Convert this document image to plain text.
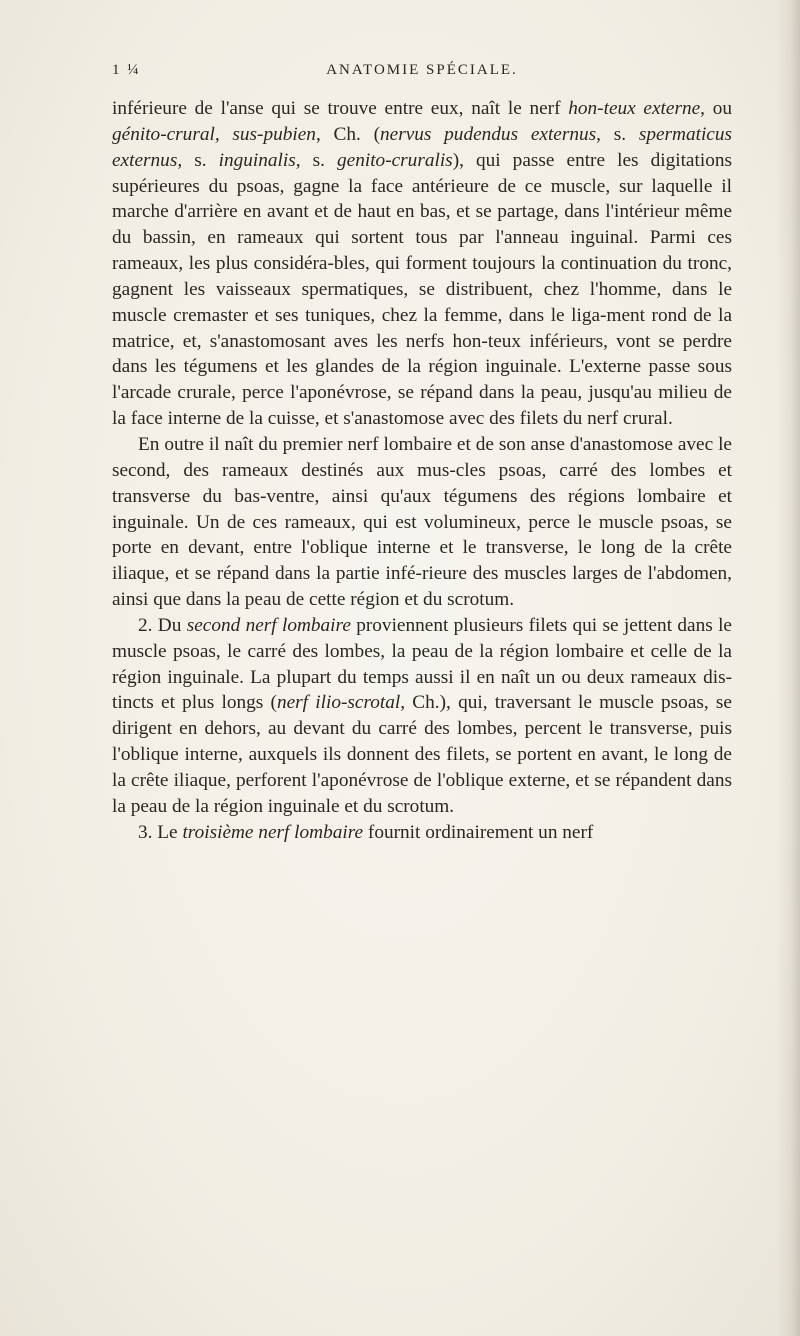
1 ¼	ANATOMIE SPÉCIALE.

inférieure de l'anse qui se trouve entre eux, naît le nerf hon-teux externe, ou génito-crural, sus-pubien, Ch. (nervus pudendus externus, s. spermaticus externus, s. inguinalis, s. genito-cruralis), qui passe entre les digitations supérieures du psoas, gagne la face antérieure de ce muscle, sur laquelle il marche d'arrière en avant et de haut en bas, et se partage, dans l'intérieur même du bassin, en rameaux qui sortent tous par l'anneau inguinal. Parmi ces rameaux, les plus considéra-bles, qui forment toujours la continuation du tronc, gagnent les vaisseaux spermatiques, se distribuent, chez l'homme, dans le muscle cremaster et ses tuniques, chez la femme, dans le liga-ment rond de la matrice, et, s'anastomosant aves les nerfs hon-teux inférieurs, vont se perdre dans les tégumens et les glandes de la région inguinale. L'externe passe sous l'arcade crurale, perce l'aponévrose, se répand dans la peau, jusqu'au milieu de la face interne de la cuisse, et s'anastomose avec des filets du nerf crural.

En outre il naît du premier nerf lombaire et de son anse d'anastomose avec le second, des rameaux destinés aux mus-cles psoas, carré des lombes et transverse du bas-ventre, ainsi qu'aux tégumens des régions lombaire et inguinale. Un de ces rameaux, qui est volumineux, perce le muscle psoas, se porte en devant, entre l'oblique interne et le transverse, le long de la crête iliaque, et se répand dans la partie infé-rieure des muscles larges de l'abdomen, ainsi que dans la peau de cette région et du scrotum.

2. Du second nerf lombaire proviennent plusieurs filets qui se jettent dans le muscle psoas, le carré des lombes, la peau de la région lombaire et celle de la région inguinale. La plupart du temps aussi il en naît un ou deux rameaux dis-tincts et plus longs (nerf ilio-scrotal, Ch.), qui, traversant le muscle psoas, se dirigent en dehors, au devant du carré des lombes, percent le transverse, puis l'oblique interne, auxquels ils donnent des filets, se portent en avant, le long de la crête iliaque, perforent l'aponévrose de l'oblique externe, et se répandent dans la peau de la région inguinale et du scrotum.

3. Le troisième nerf lombaire fournit ordinairement un nerf
